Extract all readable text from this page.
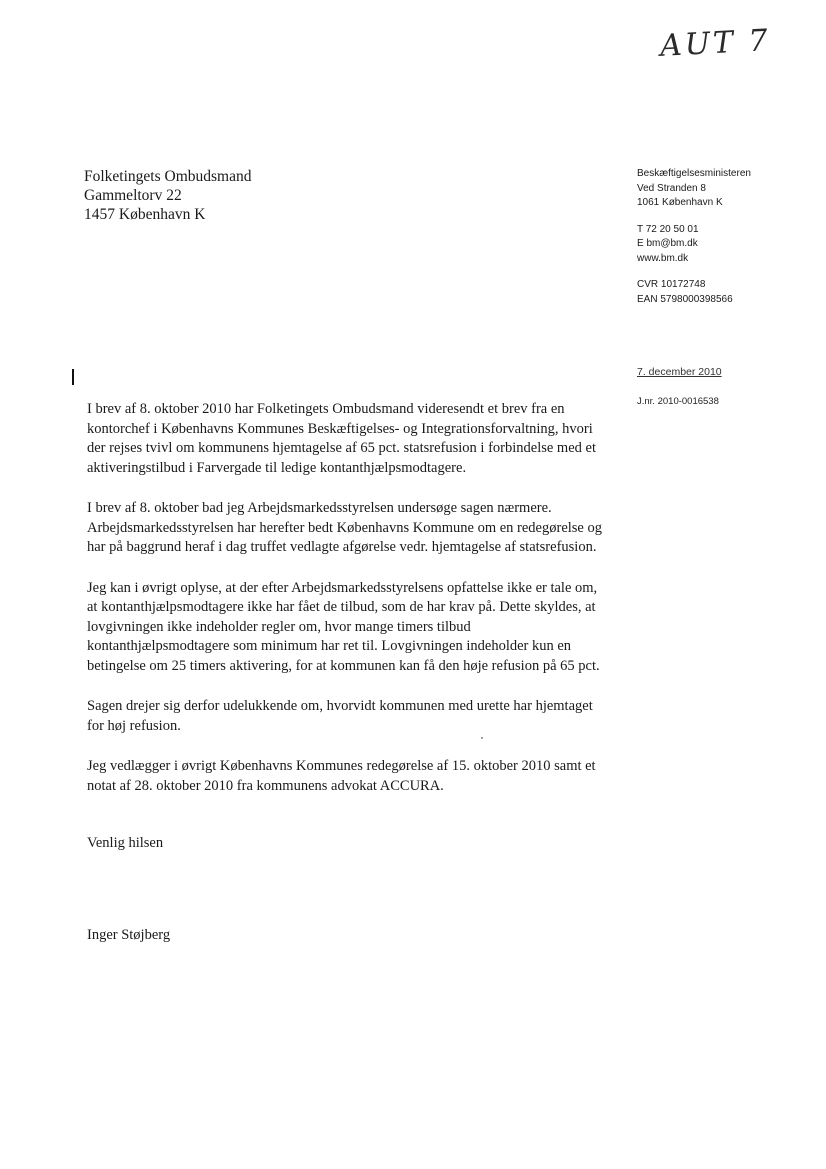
AUT 7
Folketingets Ombudsmand
Gammeltorv 22
1457 København K
Beskæftigelsesministeren
Ved Stranden 8
1061 København K
T 72 20 50 01
E bm@bm.dk
www.bm.dk
CVR 10172748
EAN 5798000398566
7. december 2010
J.nr. 2010-0016538

I brev af 8. oktober 2010 har Folketingets Ombudsmand videresendt et brev fra en kontorchef i Københavns Kommunes Beskæftigelses- og Integrationsforvaltning, hvori der rejses tvivl om kommunens hjemtagelse af 65 pct. statsrefusion i forbindelse med et aktiveringstilbud i Farvergade til ledige kontanthjælpsmodtagere.

I brev af 8. oktober bad jeg Arbejdsmarkedsstyrelsen undersøge sagen nærmere. Arbejdsmarkedsstyrelsen har herefter bedt Københavns Kommune om en redegørelse og har på baggrund heraf i dag truffet vedlagte afgørelse vedr. hjemtagelse af statsrefusion.

Jeg kan i øvrigt oplyse, at der efter Arbejdsmarkedsstyrelsens opfattelse ikke er tale om, at kontanthjælpsmodtagere ikke har fået de tilbud, som de har krav på. Dette skyldes, at lovgivningen ikke indeholder regler om, hvor mange timers tilbud kontanthjælpsmodtagere som minimum har ret til. Lovgivningen indeholder kun en betingelse om 25 timers aktivering, for at kommunen kan få den høje refusion på 65 pct.

Sagen drejer sig derfor udelukkende om, hvorvidt kommunen med urette har hjemtaget for høj refusion.

Jeg vedlægger i øvrigt Københavns Kommunes redegørelse af 15. oktober 2010 samt et notat af 28. oktober 2010 fra kommunens advokat ACCURA.

Venlig hilsen
Inger Støjberg
